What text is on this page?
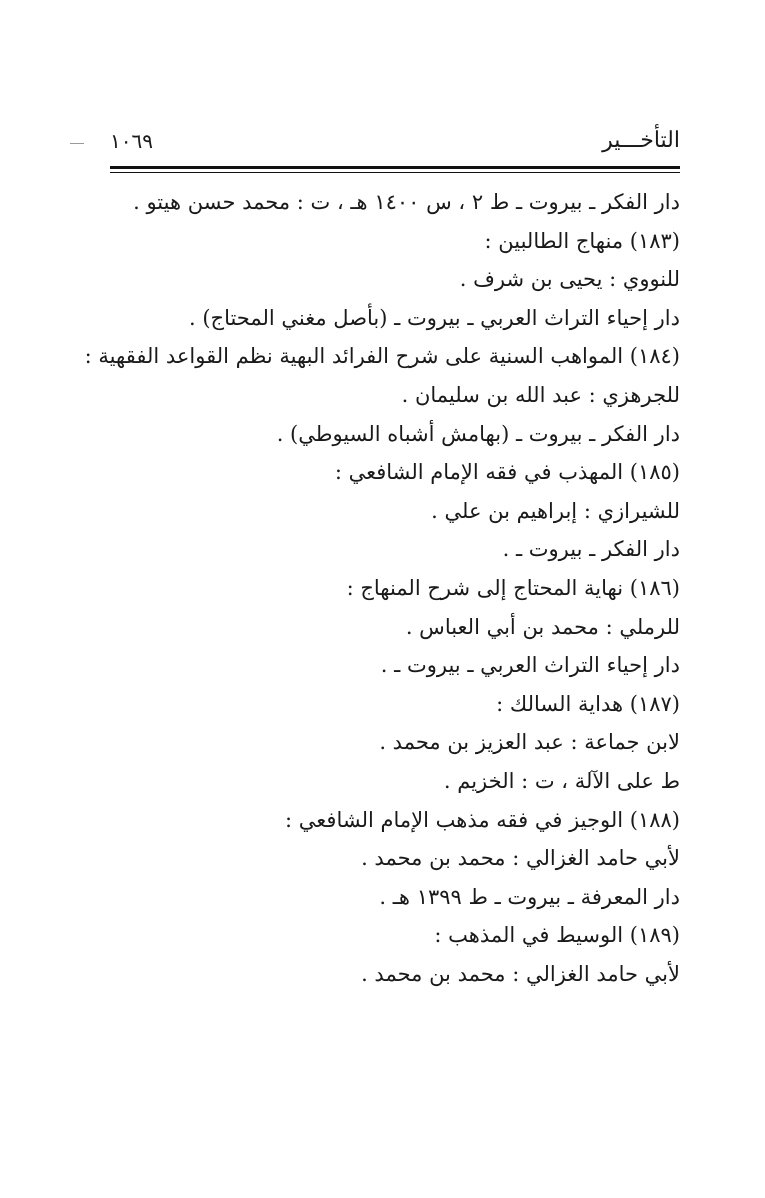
التأخـــير
١٠٦٩
دار الفكر ـ بيروت ـ ط ٢ ، س ١٤٠٠ هـ ، ت : محمد حسن هيتو .
(١٨٣) منهاج الطالبين :
للنووي : يحيى بن شرف .
دار إحياء التراث العربي ـ بيروت ـ (بأصل مغني المحتاج) .
(١٨٤) المواهب السنية على شرح الفرائد البهية نظم القواعد الفقهية :
للجرهزي : عبد الله بن سليمان .
دار الفكر ـ بيروت ـ (بهامش أشباه السيوطي) .
(١٨٥) المهذب في فقه الإمام الشافعي :
للشيرازي : إبراهيم بن علي .
دار الفكر ـ بيروت ـ .
(١٨٦) نهاية المحتاج إلى شرح المنهاج :
للرملي : محمد بن أبي العباس .
دار إحياء التراث العربي ـ بيروت ـ .
(١٨٧) هداية السالك :
لابن جماعة : عبد العزيز بن محمد .
ط على الآلة ، ت : الخزيم .
(١٨٨) الوجيز في فقه مذهب الإمام الشافعي :
لأبي حامد الغزالي : محمد بن محمد .
دار المعرفة ـ بيروت ـ ط ١٣٩٩ هـ .
(١٨٩) الوسيط في المذهب :
لأبي حامد الغزالي : محمد بن محمد .
